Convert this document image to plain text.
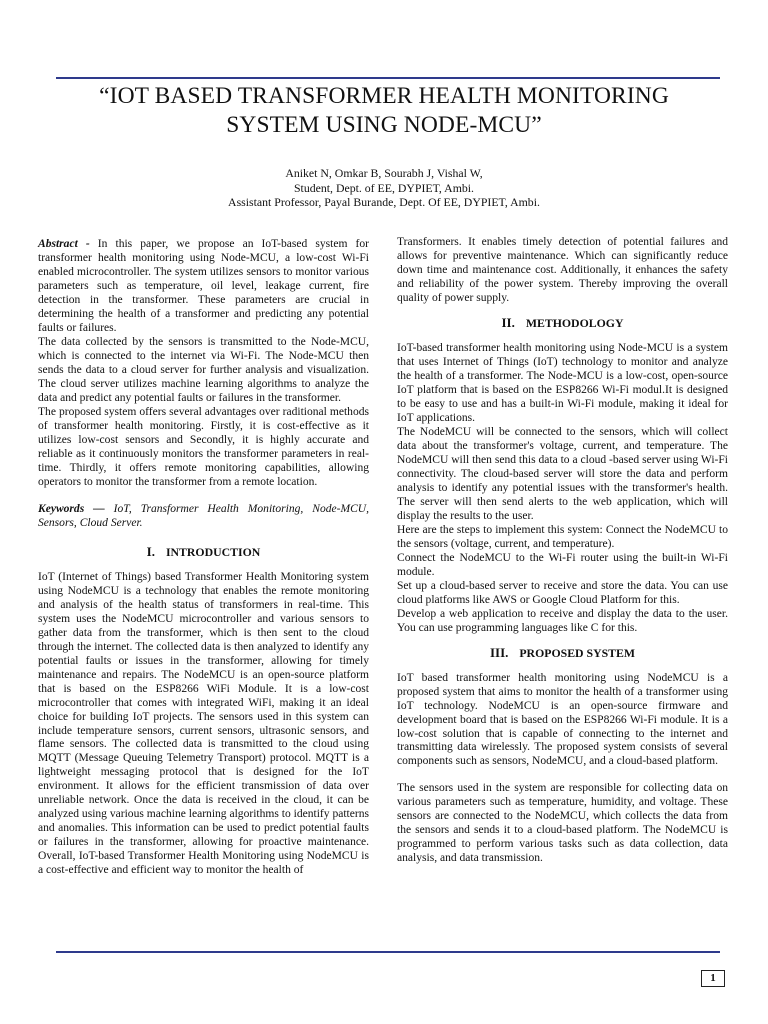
“IOT BASED TRANSFORMER HEALTH MONITORING
SYSTEM USING NODE-MCU”
Aniket N, Omkar B, Sourabh J, Vishal W,
Student, Dept. of EE, DYPIET, Ambi.
Assistant Professor, Payal Burande, Dept. Of EE, DYPIET, Ambi.

Abstract - In this paper, we propose an IoT-based system for transformer health monitoring using Node-MCU, a low-cost Wi-Fi enabled microcontroller. The system utilizes sensors to monitor various parameters such as temperature, oil level, leakage current, fire detection in the transformer. These parameters are crucial in determining the health of a transformer and predicting any potential faults or failures.

The data collected by the sensors is transmitted to the Node-MCU, which is connected to the internet via Wi-Fi. The Node-MCU then sends the data to a cloud server for further analysis and visualization. The cloud server utilizes machine learning algorithms to analyze the data and predict any potential faults or failures in the transformer.

The proposed system offers several advantages over raditional methods of transformer health monitoring. Firstly, it is cost-effective as it utilizes low-cost sensors and Secondly, it is highly accurate and reliable as it continuously monitors the transformer parameters in real-time. Thirdly, it offers remote monitoring capabilities, allowing operators to monitor the transformer from a remote location.

Keywords — IoT, Transformer Health Monitoring, Node-MCU, Sensors, Cloud Server.

I. INTRODUCTION

IoT (Internet of Things) based Transformer Health Monitoring system using NodeMCU is a technology that enables the remote monitoring and analysis of the health status of transformers in real-time. This system uses the NodeMCU microcontroller and various sensors to gather data from the transformer, which is then sent to the cloud through the internet. The collected data is then analyzed to identify any potential faults or issues in the transformer, allowing for timely maintenance and repairs. The NodeMCU is an open-source platform that is based on the ESP8266 WiFi Module. It is a low-cost microcontroller that comes with integrated WiFi, making it an ideal choice for building IoT projects. The sensors used in this system can include temperature sensors, current sensors, ultrasonic sensors, and flame sensors. The collected data is transmitted to the cloud using MQTT (Message Queuing Telemetry Transport) protocol. MQTT is a lightweight messaging protocol that is designed for the IoT environment. It allows for the efficient transmission of data over unreliable network. Once the data is received in the cloud, it can be analyzed using various machine learning algorithms to identify patterns and anomalies. This information can be used to predict potential faults or failures in the transformer, allowing for proactive maintenance. Overall, IoT-based Transformer Health Monitoring using NodeMCU is a cost-effective and efficient way to monitor the health of

Transformers. It enables timely detection of potential failures and allows for preventive maintenance. Which can significantly reduce down time and maintenance cost. Additionally, it enhances the safety and reliability of the power system. Thereby improving the overall quality of power supply.

II. METHODOLOGY

IoT-based transformer health monitoring using Node-MCU is a system that uses Internet of Things (IoT) technology to monitor and analyze the health of a transformer. The Node-MCU is a low-cost, open-source IoT platform that is based on the ESP8266 Wi-Fi modul.It is designed to be easy to use and has a built-in Wi-Fi module, making it ideal for IoT applications.

The NodeMCU will be connected to the sensors, which will collect data about the transformer's voltage, current, and temperature. The NodeMCU will then send this data to a cloud -based server using Wi-Fi connectivity. The cloud-based server will store the data and perform analysis to identify any potential issues with the transformer's health. The server will then send alerts to the web application, which will display the results to the user.

Here are the steps to implement this system: Connect the NodeMCU to the sensors (voltage, current, and temperature).

Connect the NodeMCU to the Wi-Fi router using the built-in Wi-Fi module.

Set up a cloud-based server to receive and store the data. You can use cloud platforms like AWS or Google Cloud Platform for this.

Develop a web application to receive and display the data to the user. You can use programming languages like C for this.

III. PROPOSED SYSTEM

IoT based transformer health monitoring using NodeMCU is a proposed system that aims to monitor the health of a transformer using IoT technology. NodeMCU is an open-source firmware and development board that is based on the ESP8266 Wi-Fi module. It is a low-cost solution that is capable of connecting to the internet and transmitting data wirelessly. The proposed system consists of several components such as sensors, NodeMCU, and a cloud-based platform.

The sensors used in the system are responsible for collecting data on various parameters such as temperature, humidity, and voltage. These sensors are connected to the NodeMCU, which collects the data from the sensors and sends it to a cloud-based platform. The NodeMCU is programmed to perform various tasks such as data collection, data analysis, and data transmission.

1
